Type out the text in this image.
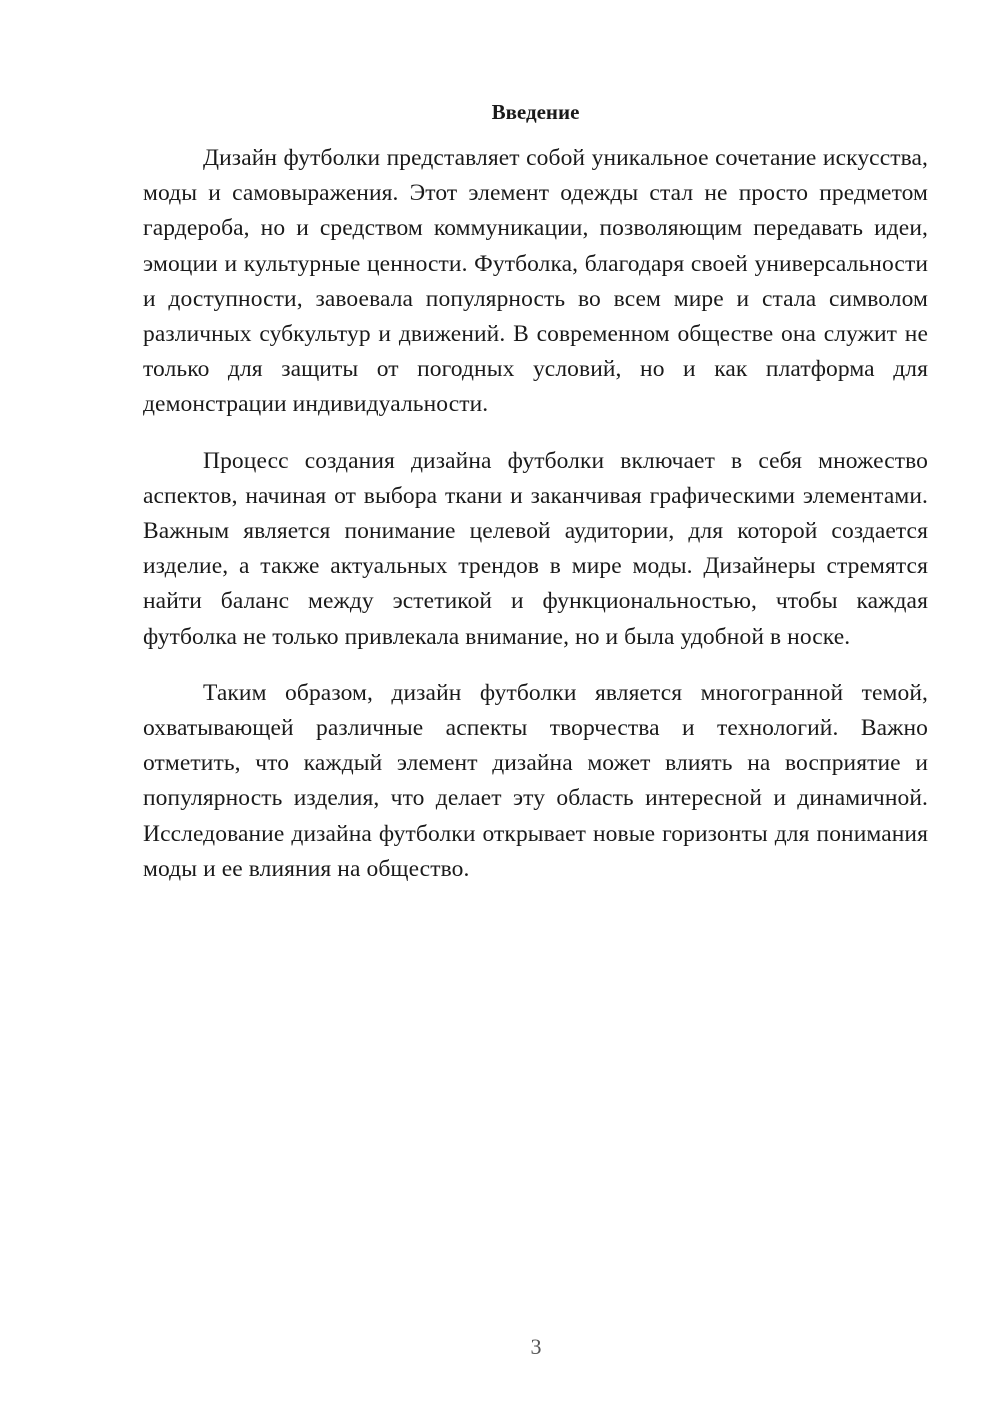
Введение

Дизайн футболки представляет собой уникальное сочетание искусства, моды и самовыражения. Этот элемент одежды стал не просто предметом гардероба, но и средством коммуникации, позволяющим передавать идеи, эмоции и культурные ценности. Футболка, благодаря своей универсальности и доступности, завоевала популярность во всем мире и стала символом различных субкультур и движений. В современном обществе она служит не только для защиты от погодных условий, но и как платформа для демонстрации индивидуальности.

Процесс создания дизайна футболки включает в себя множество аспектов, начиная от выбора ткани и заканчивая графическими элементами. Важным является понимание целевой аудитории, для которой создается изделие, а также актуальных трендов в мире моды. Дизайнеры стремятся найти баланс между эстетикой и функциональностью, чтобы каждая футболка не только привлекала внимание, но и была удобной в носке.

Таким образом, дизайн футболки является многогранной темой, охватывающей различные аспекты творчества и технологий. Важно отметить, что каждый элемент дизайна может влиять на восприятие и популярность изделия, что делает эту область интересной и динамичной. Исследование дизайна футболки открывает новые горизонты для понимания моды и ее влияния на общество.

3
